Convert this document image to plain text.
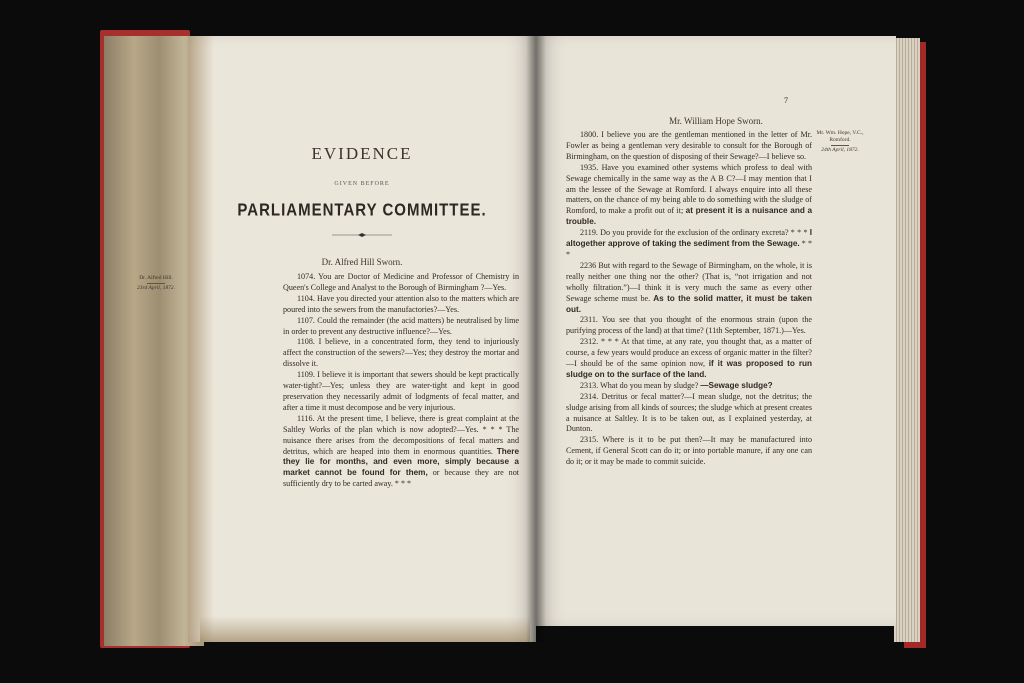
EVIDENCE
GIVEN BEFORE
PARLIAMENTARY COMMITTEE.
Dr. Alfred Hill Sworn.
Dr. Alfred Hill.
23rd April, 1872.

1074. You are Doctor of Medicine and Professor of Chemistry in Queen's College and Analyst to the Borough of Birmingham ?—Yes.

1104. Have you directed your attention also to the matters which are poured into the sewers from the manufactories?—Yes.

1107. Could the remainder (the acid matters) be neutralised by lime in order to prevent any destructive influence?—Yes.

1108. I believe, in a concentrated form, they tend to injuriously affect the construction of the sewers?—Yes; they destroy the mortar and dissolve it.

1109. I believe it is important that sewers should be kept practically water-tight?—Yes; unless they are water-tight and kept in good preservation they necessarily admit of lodgments of fecal matter, and after a time it must decompose and be very injurious.

1116. At the present time, I believe, there is great complaint at the Saltley Works of the plan which is now adopted?—Yes. * * * The nuisance there arises from the decompositions of fecal matters and detritus, which are heaped into them in enormous quantities. There they lie for months, and even more, simply because a market cannot be found for them, or because they are not sufficiently dry to be carted away. * * *

7
Mr. William Hope Sworn.
Mr. Wm. Hope, V.C., Romford.
24th April, 1872.

1800. I believe you are the gentleman mentioned in the letter of Mr. Fowler as being a gentleman very desirable to consult for the Borough of Birmingham, on the question of disposing of their Sewage?—I believe so.

1935. Have you examined other systems which profess to deal with Sewage chemically in the same way as the A B C?—I may mention that I am the lessee of the Sewage at Romford. I always enquire into all these matters, on the chance of my being able to do something with the sludge of Romford, to make a profit out of it; at present it is a nuisance and a trouble.

2119. Do you provide for the exclusion of the ordinary excreta? * * * I altogether approve of taking the sediment from the Sewage. * * *

2236 But with regard to the Sewage of Birmingham, on the whole, it is really neither one thing nor the other? (That is, “not irrigation and not wholly filtration.”)—I think it is very much the same as every other Sewage scheme must be. As to the solid matter, it must be taken out.

2311. You see that you thought of the enormous strain (upon the purifying process of the land) at that time? (11th September, 1871.)—Yes.

2312. * * * At that time, at any rate, you thought that, as a matter of course, a few years would produce an excess of organic matter in the filter?—I should be of the same opinion now, if it was proposed to run sludge on to the surface of the land.

2313. What do you mean by sludge? —Sewage sludge?

2314. Detritus or fecal matter?—I mean sludge, not the detritus; the sludge arising from all kinds of sources; the sludge which at present creates a nuisance at Saltley. It is to be taken out, as I explained yesterday, at Dunton.

2315. Where is it to be put then?—It may be manufactured into Cement, if General Scott can do it; or into portable manure, if any one can do it; or it may be made to commit suicide.
